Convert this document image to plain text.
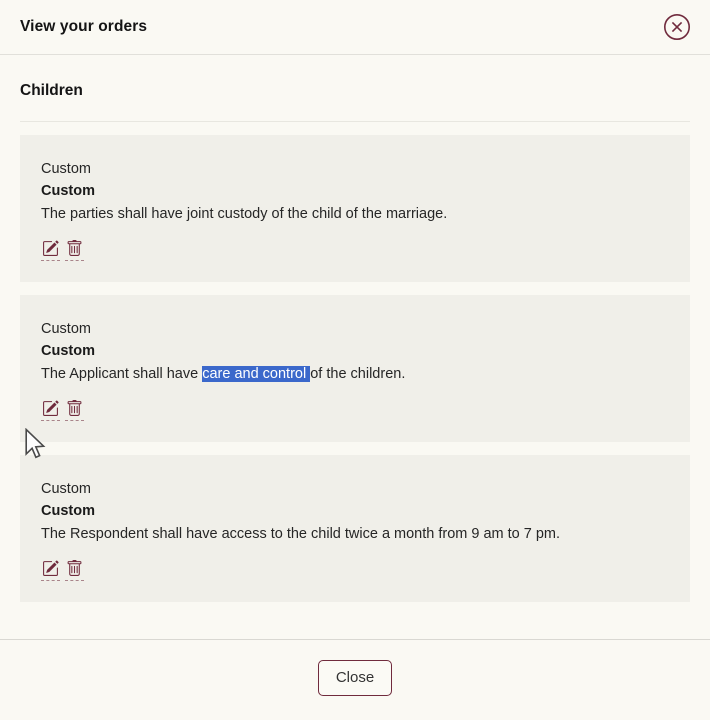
View your orders
Children
Custom
Custom

The parties shall have joint custody of the child of the marriage.

Custom
Custom

The Applicant shall have care and control of the children.

Custom
Custom

The Respondent shall have access to the child twice a month from 9 am to 7 pm.

Close
